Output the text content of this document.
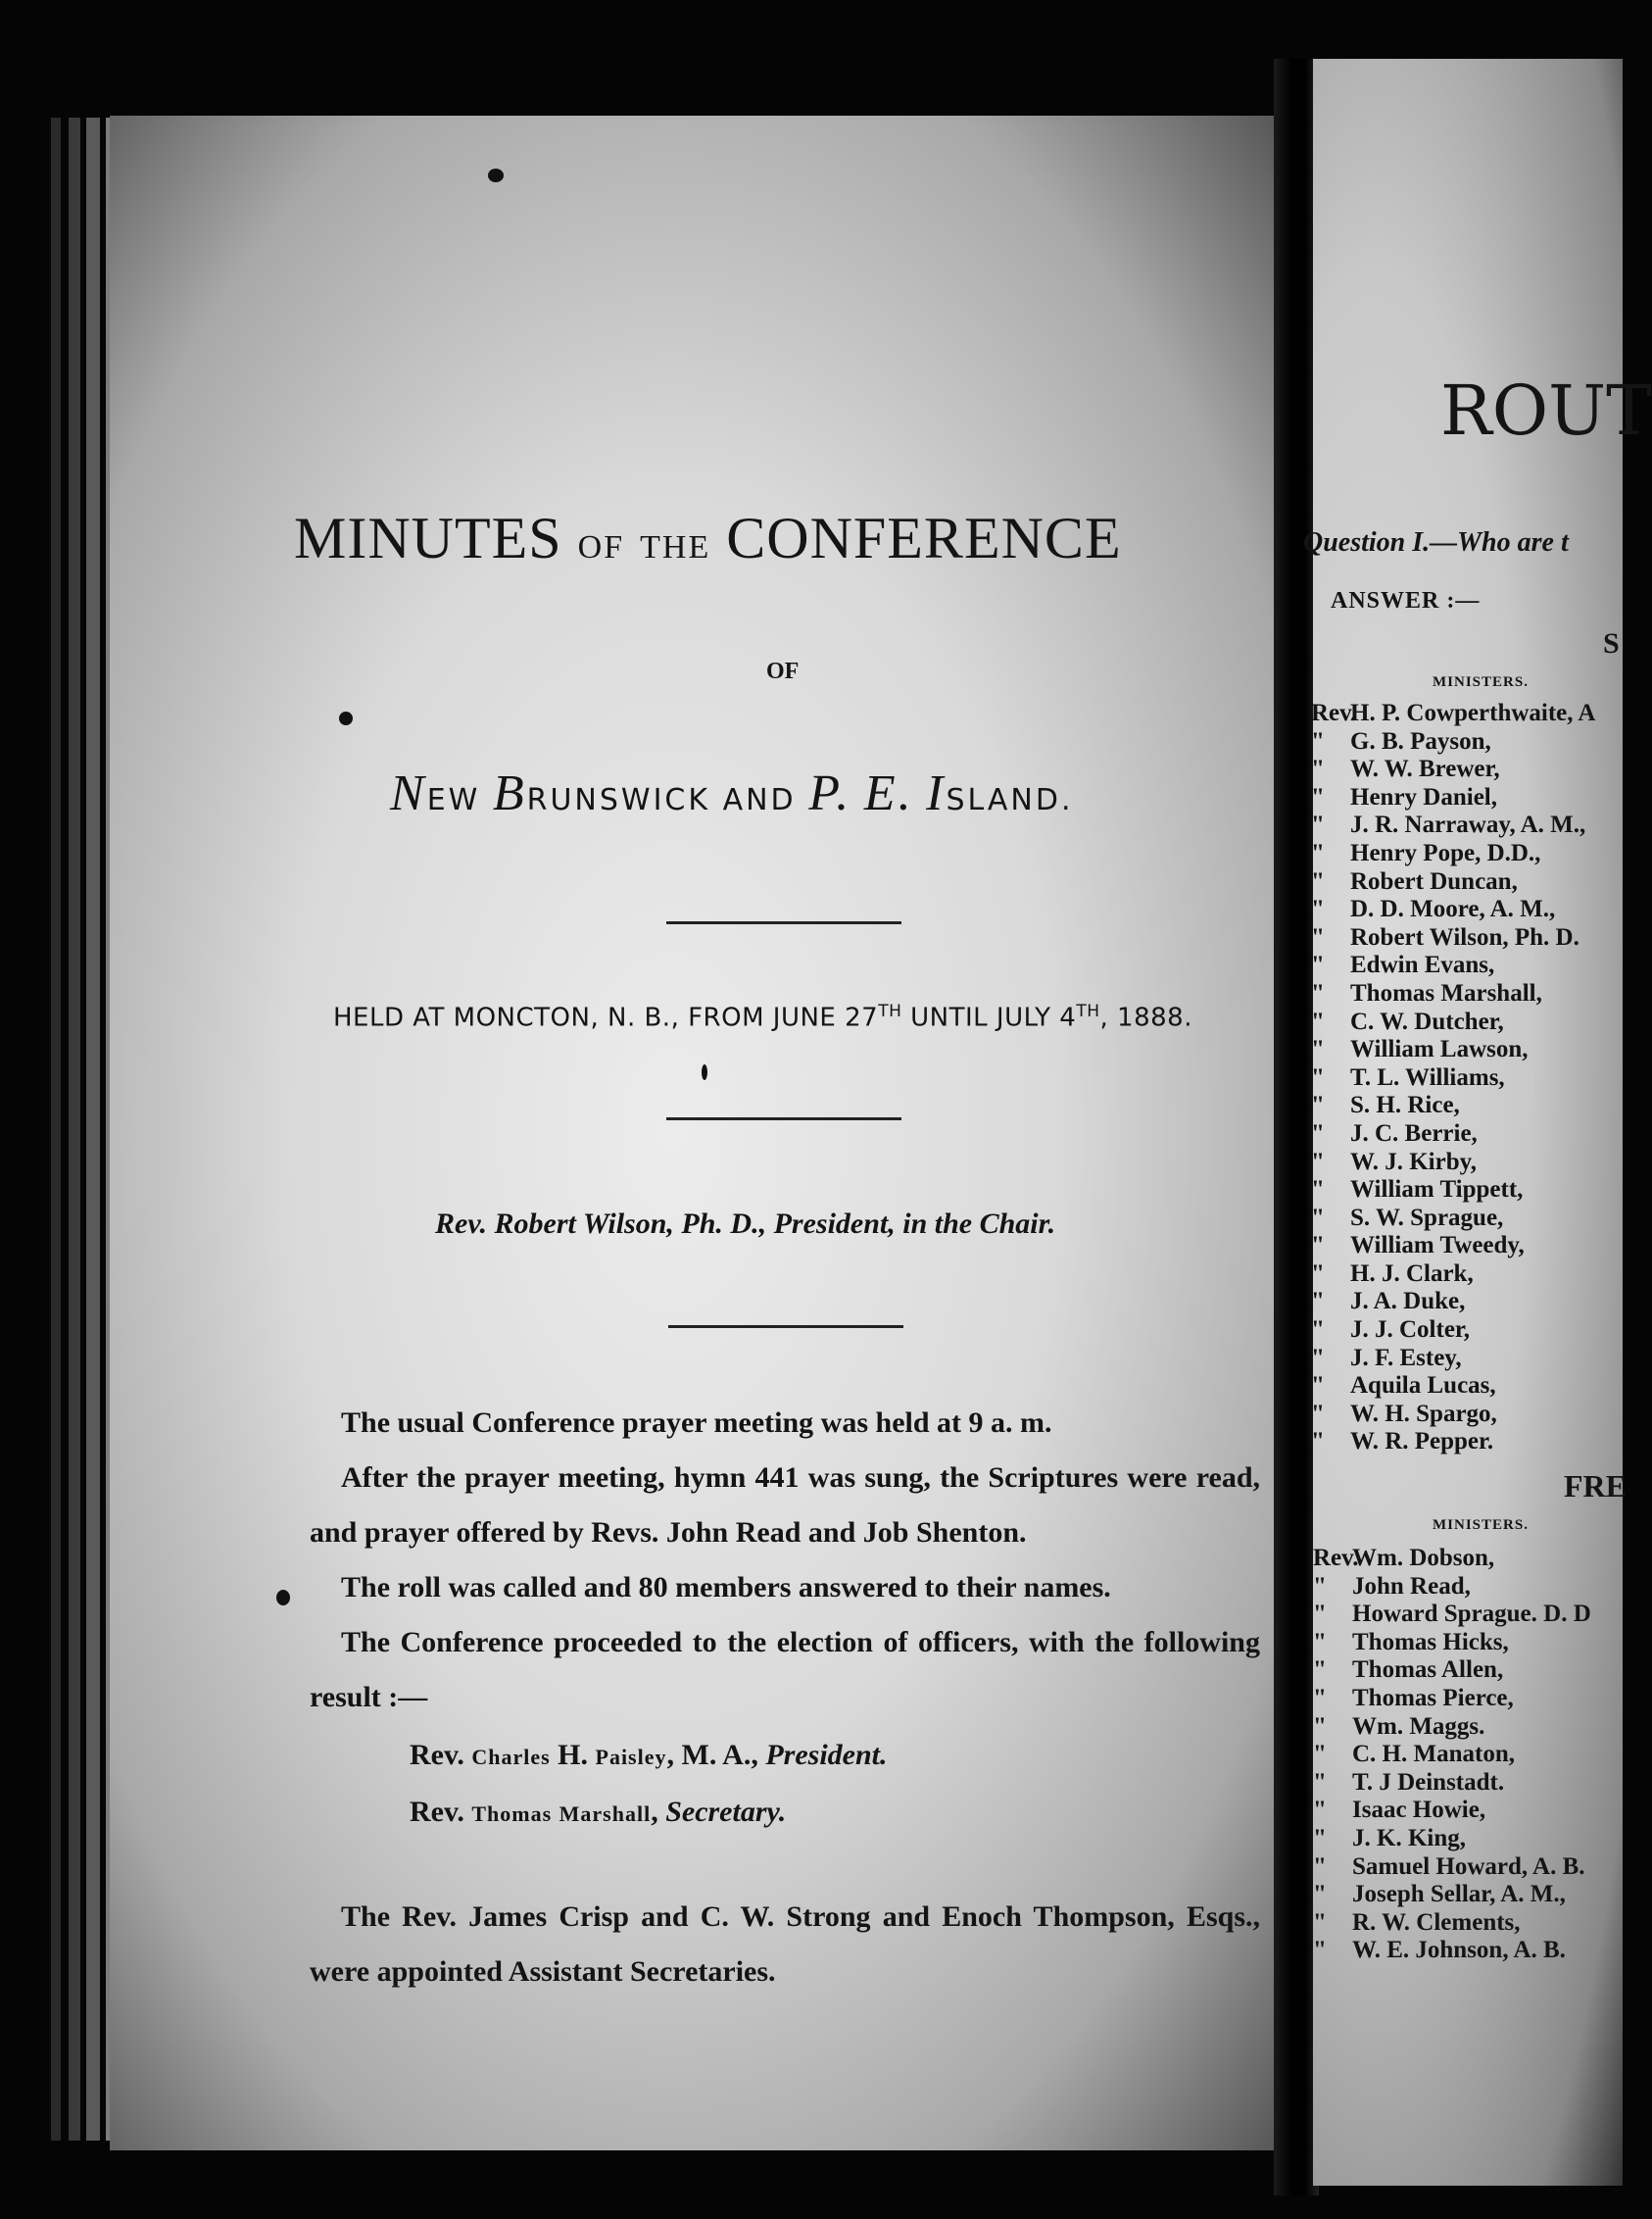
MINUTES OF THE CONFERENCE
OF
NEW BRUNSWICK AND P. E. ISLAND.
HELD AT MONCTON, N. B., FROM JUNE 27TH UNTIL JULY 4TH, 1888.
Rev. Robert Wilson, Ph. D., President, in the Chair.
The usual Conference prayer meeting was held at 9 a. m.
After the prayer meeting, hymn 441 was sung, the Scriptures were read, and prayer offered by Revs. John Read and Job Shenton.
The roll was called and 80 members answered to their names.
The Conference proceeded to the election of officers, with the following result :—
Rev. Charles H. Paisley, M. A., President.
Rev. Thomas Marshall, Secretary.
The Rev. James Crisp and C. W. Strong and Enoch Thompson, Esqs., were appointed Assistant Secretaries.
ROUT
Question I.—Who are t
ANSWER :—
S
MINISTERS.
Rev.H. P. Cowperthwaite, A
" G. B. Payson,
" W. W. Brewer,
" Henry Daniel,
" J. R. Narraway, A. M.,
" Henry Pope, D.D.,
" Robert Duncan,
" D. D. Moore, A. M.,
" Robert Wilson, Ph. D.
" Edwin Evans,
" Thomas Marshall,
" C. W. Dutcher,
" William Lawson,
" T. L. Williams,
" S. H. Rice,
" J. C. Berrie,
" W. J. Kirby,
" William Tippett,
" S. W. Sprague,
" William Tweedy,
" H. J. Clark,
" J. A. Duke,
" J. J. Colter,
" J. F. Estey,
" Aquila Lucas,
" W. H. Spargo,
" W. R. Pepper.
FRE
MINISTERS.
Rev.Wm. Dobson,
" John Read,
" Howard Sprague. D. D
" Thomas Hicks,
" Thomas Allen,
" Thomas Pierce,
" Wm. Maggs.
" C. H. Manaton,
" T. J Deinstadt.
" Isaac Howie,
" J. K. King,
" Samuel Howard, A. B.
" Joseph Sellar, A. M.,
" R. W. Clements,
" W. E. Johnson, A. B.
